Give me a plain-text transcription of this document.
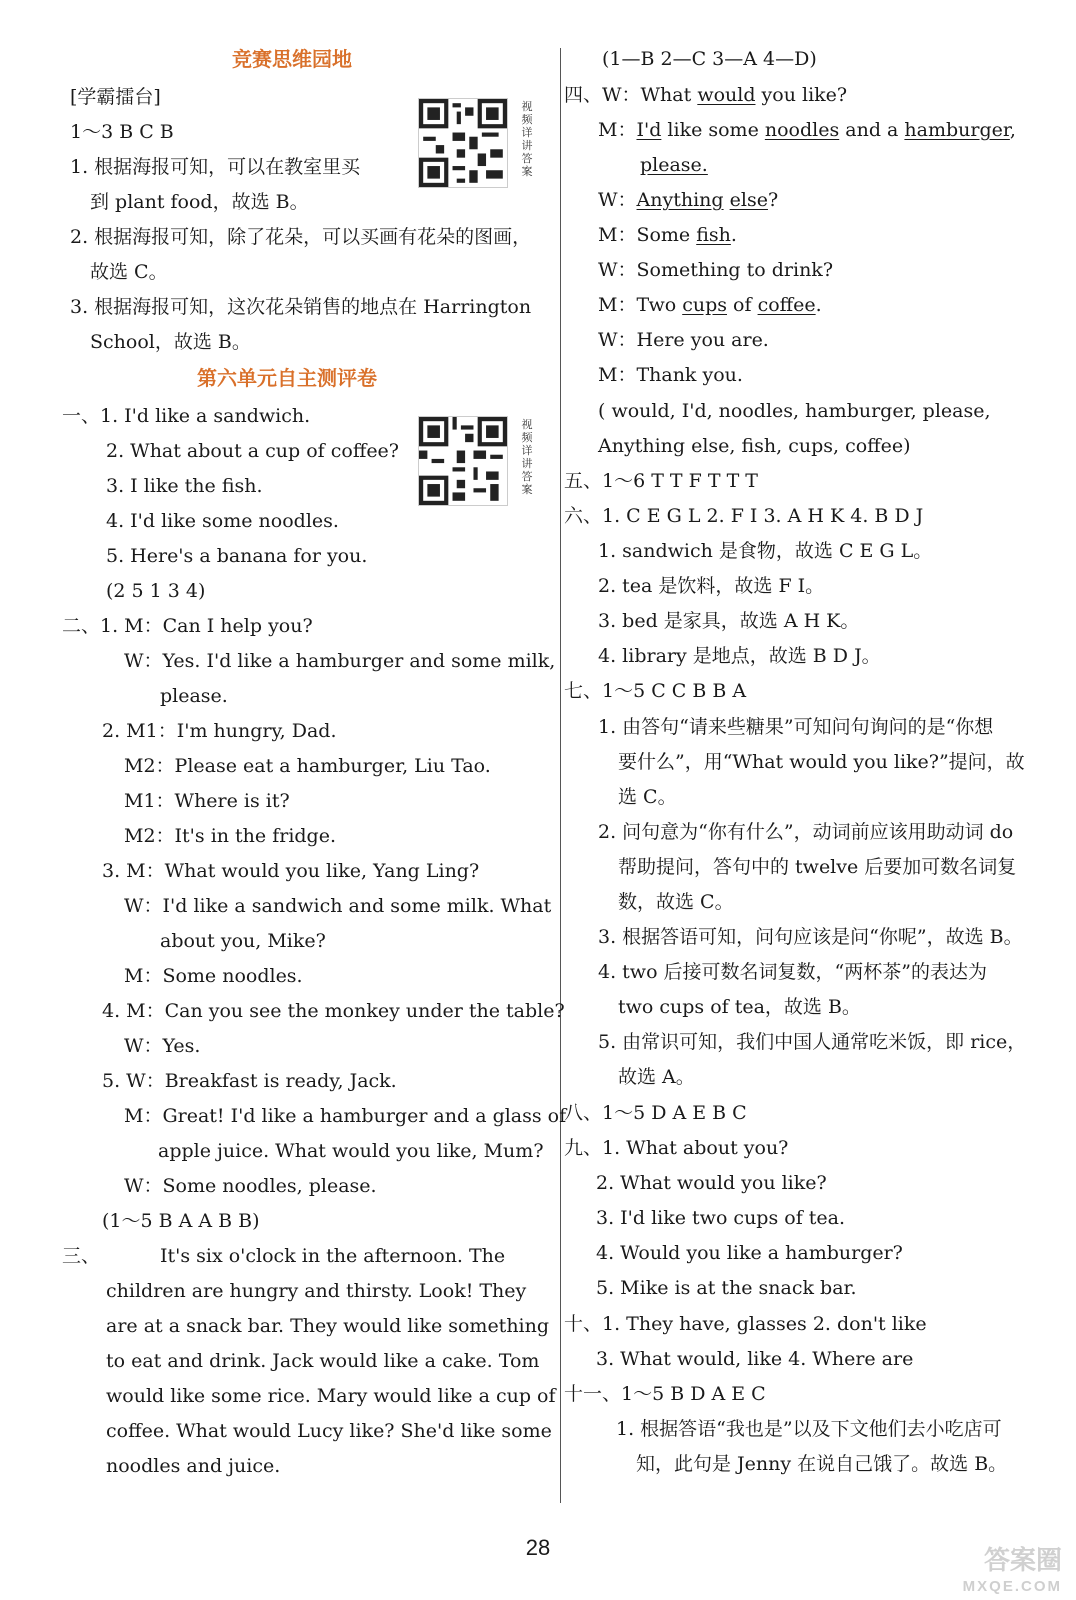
竞赛思维园地
[学霸擂台]
1～3 B C B
1. 根据海报可知，可以在教室里买
到 plant food，故选 B。
2. 根据海报可知，除了花朵，可以买画有花朵的图画，
故选 C。
3. 根据海报可知，这次花朵销售的地点在 Harrington
School，故选 B。
第六单元自主测评卷
一、1. I'd like a sandwich.
2. What about a cup of coffee?
3. I like the fish.
4. I'd like some noodles.
5. Here's a banana for you.
(2 5 1 3 4)
二、1. M：Can I help you?
W：Yes. I'd like a hamburger and some milk,
please.
2. M1：I'm hungry, Dad.
M2：Please eat a hamburger, Liu Tao.
M1：Where is it?
M2：It's in the fridge.
3. M：What would you like, Yang Ling?
W：I'd like a sandwich and some milk. What
about you, Mike?
M：Some noodles.
4. M：Can you see the monkey under the table?
W：Yes.
5. W：Breakfast is ready, Jack.
M：Great! I'd like a hamburger and a glass of
apple juice. What would you like, Mum?
W：Some noodles, please.
(1～5 B A A B B)
三、	It's six o'clock in the afternoon. The
children are hungry and thirsty. Look! They
are at a snack bar. They would like something
to eat and drink. Jack would like a cake. Tom
would like some rice. Mary would like a cup of
coffee. What would Lucy like? She'd like some
noodles and juice.
视频详讲答案
视频详讲答案
(1—B 2—C 3—A 4—D)
四、W：What would you like?
M：I'd like some noodles and a hamburger,
please.
W：Anything else?
M：Some fish.
W：Something to drink?
M：Two cups of coffee.
W：Here you are.
M：Thank you.
( would, I'd, noodles, hamburger, please,
Anything else, fish, cups, coffee)
五、1～6 T T F T T T
六、1. C E G L 2. F I 3. A H K 4. B D J
1. sandwich 是食物，故选 C E G L。
2. tea 是饮料，故选 F I。
3. bed 是家具，故选 A H K。
4. library 是地点，故选 B D J。
七、1～5 C C B B A
1. 由答句“请来些糖果”可知问句询问的是“你想
要什么”，用“What would you like?”提问，故
选 C。
2. 问句意为“你有什么”，动词前应该用助动词 do
帮助提问，答句中的 twelve 后要加可数名词复
数，故选 C。
3. 根据答语可知，问句应该是问“你呢”，故选 B。
4. two 后接可数名词复数，“两杯茶”的表达为
two cups of tea，故选 B。
5. 由常识可知，我们中国人通常吃米饭，即 rice，
故选 A。
八、1～5 D A E B C
九、1. What about you?
2. What would you like?
3. I'd like two cups of tea.
4. Would you like a hamburger?
5. Mike is at the snack bar.
十、1. They have, glasses 2. don't like
3. What would, like 4. Where are
十一、1～5 B D A E C
1. 根据答语“我也是”以及下文他们去小吃店可
知，此句是 Jenny 在说自己饿了。故选 B。
28	答案圈
MXQE.COM
